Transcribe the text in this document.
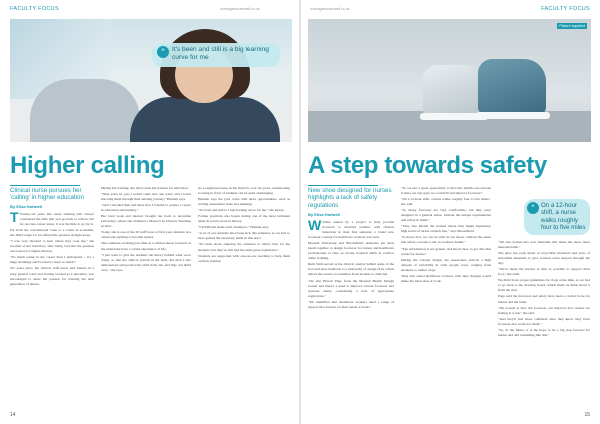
FACULTY FOCUS	nursingandcarewell.co.uk
“	It's been and still is a big learning curve for me

Higher calling
Clinical nurse pursues her 'calling' in higher education
By Elisa Hartwell

T Twenty-six years into nurse training isn't always considered the time that you go back to school, but for one late-career nurse, it was the time to go for it.

Far from the conventional route to a career in academia, she didn't expect to be offered the position straight away.

"I was very shocked to hear where they took me," she recalled of her interview, after being told that the position was based at Campus Review.

"It's much easier in my career than I anticipated – it's a huge challenge and I've had to learn so much."

Six years prior, the clinical staff nurse had trained in a busy general ward and, having worked as a specialist, was encouraged to share her passion for training the next generation of nurses.

During her training, she discovered her passion for education.

"Nine years in, [as] I would come into one ward, and I loved knowing them through their nursing journey," Hannah says.

"And I decided then and there that I wanted to pursue a career in education and nursing."

Her hard work and interest brought her back to Avondale University, where she obtained a Master's in Clinical Teaching in 2021.

Today, she is one of the 20 staff faces of first-year students in a classroom aspiring to become nurses.

She continues working part time as a clinical nurse; lecturers at the university have a varied experience of life.

"I just want to give the students the theory behind what we're doing, so that the clinical system in the skill, and then I also demonstrate and practice the skill in the lab, and they can build on it," she says.

As a registered nurse in the field for over six years, transitioning to being in front of students can be quite challenging.

Hannah says the jobs come with more opportunities, such as writing assessment tasks and marking.

"It's been and still is a big learning curve for me," she shares.

Former positions also began during one of the most turbulent times in recent years in history.

"COVID has made such an impact," Hannah says.

"A lot of our students have been sick this semester, so we had to have gained the necessary skills in this area."

"It's been about adapting the situation to what's best for the students, but they've still had the same great experience."

Students are supported with one-on-one teaching to help them on their journey.

14
nursingandcarewell.co.uk	FACULTY FOCUS
Picture supplied
A step towards safety
New shoe designed for nurses highlights a lack of safety regulations
By Elisa Hartwell

W When tasked by a project to help provide footwear to disabled patients with clinical behaviour in their first semester, a brand new footwear concept for healthcare workers was born.

Monash University and Bloomfields Australia put their heads together to design footwear for nurses and healthcare professionals to take on all-day hospital shifts in comfort while walking.

Ruth Sinfi served as the clinical analyst behind some of the foot and shoe feedback to a university of design firm, which allows the wearer to transition from lecturer to clinician.

"On Our Bloom Page from the Monash Health Design Center and there's a need to improve current footwear and increase safety considering a lack of appropriate regulations."

"We identified that healthcare workers need a range of support that focuses on their needs at work."

"So we saw a great opportunity to dive into health care and see if there are any gaps we could fill and improve footwear."

"On a 12-hour shift, a nurse walks roughly four to five miles," she said.

"So many footwear are very comfortable, but they were designed in a general sense, without the unique requirements and safety in mind."

"They also inform the women where they might experience high levels of stress on their feet," says Bloomfield.

"It shows how we can be safer in our shoes, without the sense that safety can take a toll on workers' health."

"The information is not generic and shows how to get data that works for nurses."

During the concept design, the researchers noticed a high amount of variability in what people wore, ranging from sneakers to rubber clogs.

They also asked healthcare workers what they thought would make the ideal shoe at work.

“	On a 12-hour shift, a nurse walks roughly four to five miles

"We also looked into new materials that make the shoes more manoeuvrable."

The shoe has pads made of recyclable materials and parts of incredible materials to give workers extra support through the day.

"We've made the insoles as thin as possible to support their foot," she adds.

We didn't have proper guidelines for clogs at the time, so we had to go back to the drawing board, which made us think about it from the start.

Page said the footwear and safety have been a crucial focus for nurses and her team.

"We looked at how the footwear can improve how nurses are feeling at work," she said.

"And they'll feel more confident after they know they have footwear that works for them."

"So, in the future, it is the hope to be a big step forward for nurses and add something like this."

15
